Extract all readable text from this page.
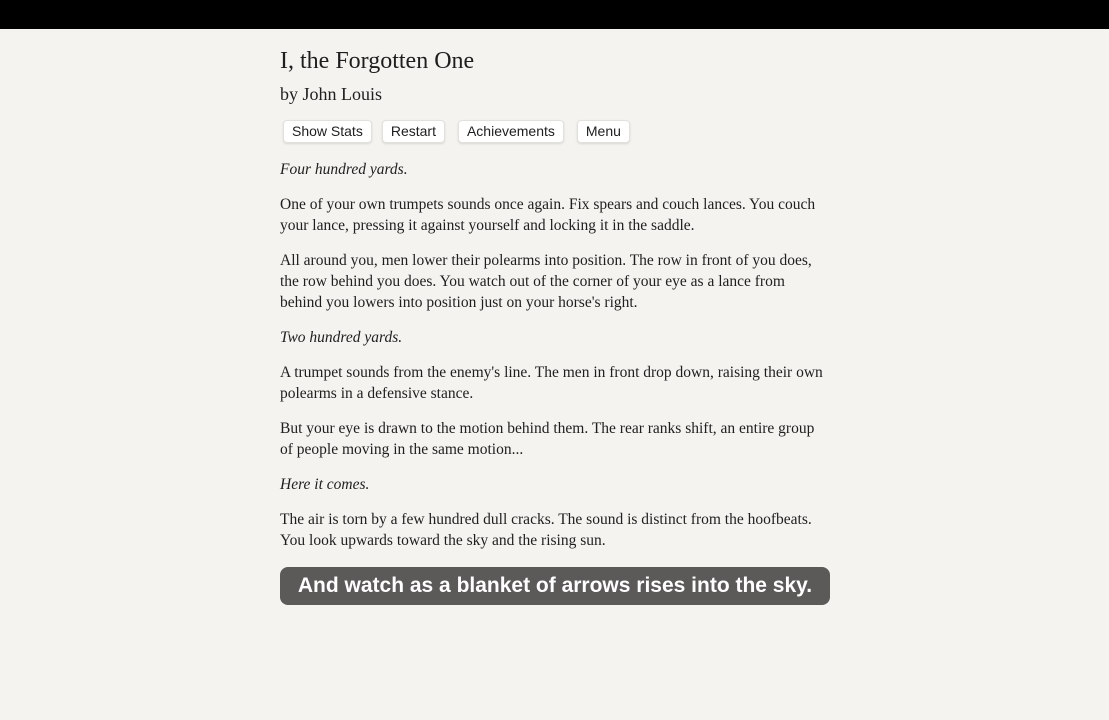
I, the Forgotten One
by John Louis
Show Stats	Restart	Achievements	Menu

Four hundred yards.

One of your own trumpets sounds once again. Fix spears and couch lances. You couch your lance, pressing it against yourself and locking it in the saddle.

All around you, men lower their polearms into position. The row in front of you does, the row behind you does. You watch out of the corner of your eye as a lance from behind you lowers into position just on your horse's right.

Two hundred yards.

A trumpet sounds from the enemy's line. The men in front drop down, raising their own polearms in a defensive stance.

But your eye is drawn to the motion behind them. The rear ranks shift, an entire group of people moving in the same motion...

Here it comes.

The air is torn by a few hundred dull cracks. The sound is distinct from the hoofbeats. You look upwards toward the sky and the rising sun.

And watch as a blanket of arrows rises into the sky.
